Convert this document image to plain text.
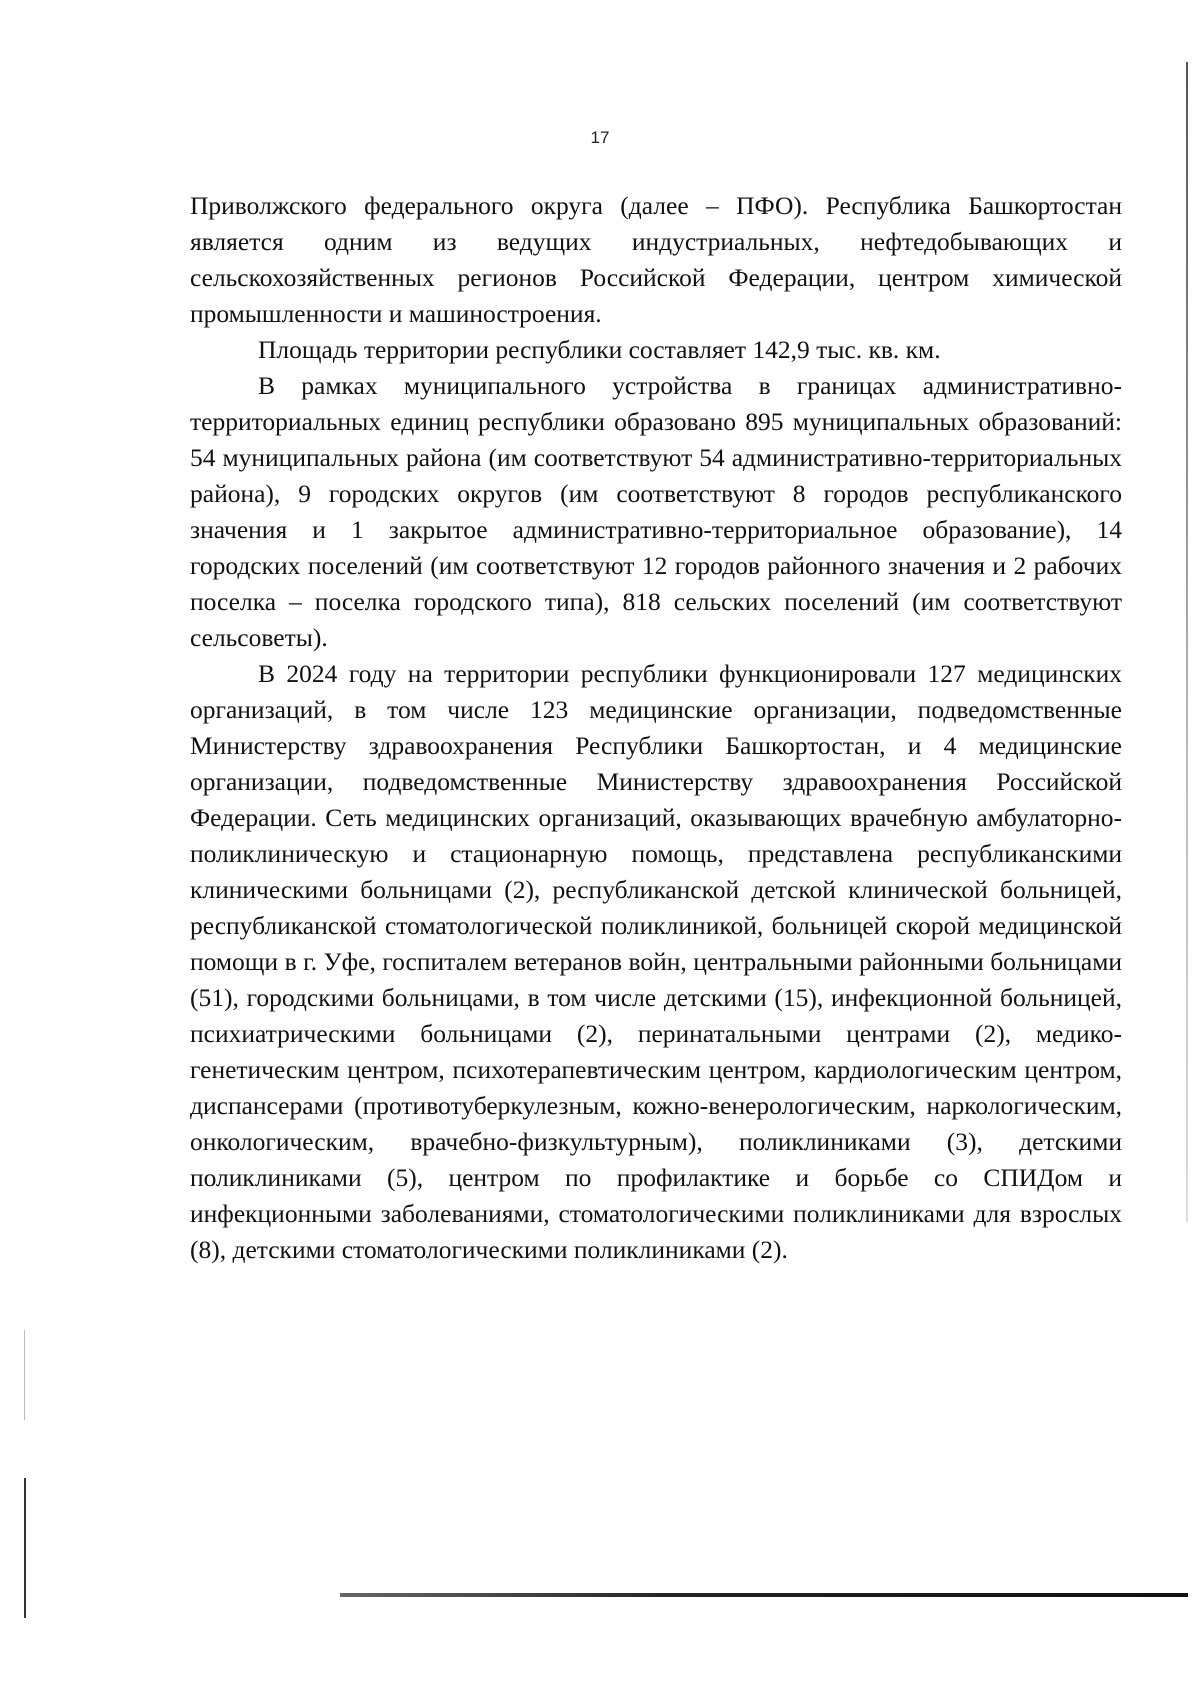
17

Приволжского федерального округа (далее – ПФО). Республика Башкортостан является одним из ведущих индустриальных, нефтедобывающих и сельскохозяйственных регионов Российской Федерации, центром химической промышленности и машиностроения.

Площадь территории республики составляет 142,9 тыс. кв. км.

В рамках муниципального устройства в границах административно-территориальных единиц республики образовано 895 муниципальных образований: 54 муниципальных района (им соответствуют 54 административно-территориальных района), 9 городских округов (им соответствуют 8 городов республиканского значения и 1 закрытое административно-территориальное образование), 14 городских поселений (им соответствуют 12 городов районного значения и 2 рабочих поселка – поселка городского типа), 818 сельских поселений (им соответствуют сельсоветы).

В 2024 году на территории республики функционировали 127 медицинских организаций, в том числе 123 медицинские организации, подведомственные Министерству здравоохранения Республики Башкортостан, и 4 медицинские организации, подведомственные Министерству здравоохранения Российской Федерации. Сеть медицинских организаций, оказывающих врачебную амбулаторно-поликлиническую и стационарную помощь, представлена республиканскими клиническими больницами (2), республиканской детской клинической больницей, республиканской стоматологической поликлиникой, больницей скорой медицинской помощи в г. Уфе, госпиталем ветеранов войн, центральными районными больницами (51), городскими больницами, в том числе детскими (15), инфекционной больницей, психиатрическими больницами (2), перинатальными центрами (2), медико-генетическим центром, психотерапевтическим центром, кардиологическим центром, диспансерами (противотуберкулезным, кожно-венерологическим, наркологическим, онкологическим, врачебно-физкультурным), поликлиниками (3), детскими поликлиниками (5), центром по профилактике и борьбе со СПИДом и инфекционными заболеваниями, стоматологическими поликлиниками для взрослых (8), детскими стоматологическими поликлиниками (2).
